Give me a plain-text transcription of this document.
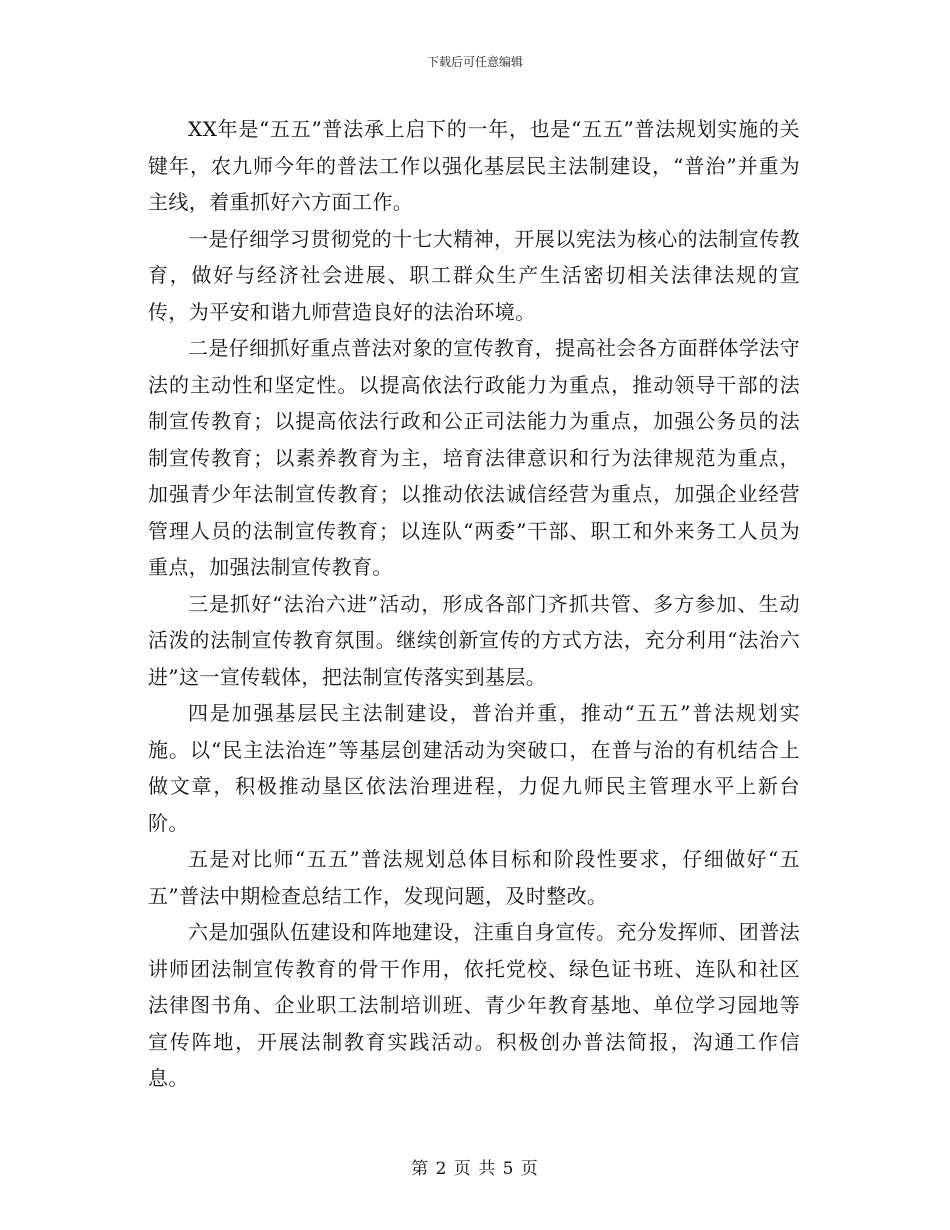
下载后可任意编辑

XX年是“五五”普法承上启下的一年，也是“五五”普法规划实施的关键年，农九师今年的普法工作以强化基层民主法制建设，“普治”并重为主线，着重抓好六方面工作。

一是仔细学习贯彻党的十七大精神，开展以宪法为核心的法制宣传教育，做好与经济社会进展、职工群众生产生活密切相关法律法规的宣传，为平安和谐九师营造良好的法治环境。

二是仔细抓好重点普法对象的宣传教育，提高社会各方面群体学法守法的主动性和坚定性。以提高依法行政能力为重点，推动领导干部的法制宣传教育；以提高依法行政和公正司法能力为重点，加强公务员的法制宣传教育；以素养教育为主，培育法律意识和行为法律规范为重点，加强青少年法制宣传教育；以推动依法诚信经营为重点，加强企业经营管理人员的法制宣传教育；以连队“两委”干部、职工和外来务工人员为重点，加强法制宣传教育。

三是抓好“法治六进”活动，形成各部门齐抓共管、多方参加、生动活泼的法制宣传教育氛围。继续创新宣传的方式方法，充分利用“法治六进”这一宣传载体，把法制宣传落实到基层。

四是加强基层民主法制建设，普治并重，推动“五五”普法规划实施。以“民主法治连”等基层创建活动为突破口，在普与治的有机结合上做文章，积极推动垦区依法治理进程，力促九师民主管理水平上新台阶。

五是对比师“五五”普法规划总体目标和阶段性要求，仔细做好“五五”普法中期检查总结工作，发现问题，及时整改。

六是加强队伍建设和阵地建设，注重自身宣传。充分发挥师、团普法讲师团法制宣传教育的骨干作用，依托党校、绿色证书班、连队和社区法律图书角、企业职工法制培训班、青少年教育基地、单位学习园地等宣传阵地，开展法制教育实践活动。积极创办普法简报，沟通工作信息。

第 2 页 共 5 页
